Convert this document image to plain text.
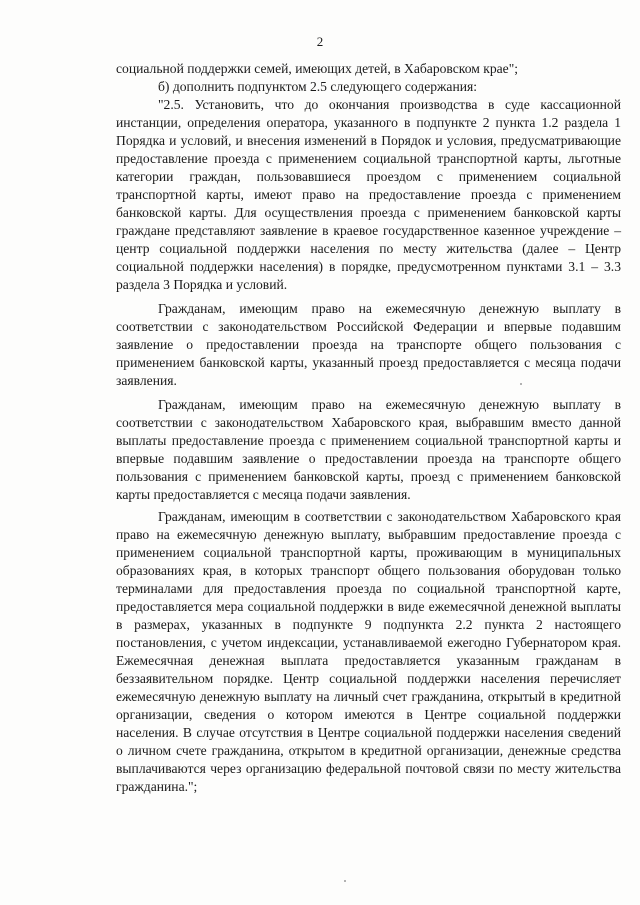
2

социальной поддержки семей, имеющих детей, в Хабаровском крае";

б) дополнить подпунктом 2.5 следующего содержания:

"2.5. Установить, что до окончания производства в суде кассационной инстанции, определения оператора, указанного в подпункте 2 пункта 1.2 раздела 1 Порядка и условий, и внесения изменений в Порядок и условия, предусматривающие предоставление проезда с применением социальной транспортной карты, льготные категории граждан, пользовавшиеся проездом с применением социальной транспортной карты, имеют право на предоставление проезда с применением банковской карты. Для осуществления проезда с применением банковской карты граждане представляют заявление в краевое государственное казенное учреждение – центр социальной поддержки населения по месту жительства (далее – Центр социальной поддержки населения) в порядке, предусмотренном пунктами 3.1 – 3.3 раздела 3 Порядка и условий.

Гражданам, имеющим право на ежемесячную денежную выплату в соответствии с законодательством Российской Федерации и впервые подавшим заявление о предоставлении проезда на транспорте общего пользования с применением банковской карты, указанный проезд предоставляется с месяца подачи заявления.

Гражданам, имеющим право на ежемесячную денежную выплату в соответствии с законодательством Хабаровского края, выбравшим вместо данной выплаты предоставление проезда с применением социальной транспортной карты и впервые подавшим заявление о предоставлении проезда на транспорте общего пользования с применением банковской карты, проезд с применением банковской карты предоставляется с месяца подачи заявления.

Гражданам, имеющим в соответствии с законодательством Хабаровского края право на ежемесячную денежную выплату, выбравшим предоставление проезда с применением социальной транспортной карты, проживающим в муниципальных образованиях края, в которых транспорт общего пользования оборудован только терминалами для предоставления проезда по социальной транспортной карте, предоставляется мера социальной поддержки в виде ежемесячной денежной выплаты в размерах, указанных в подпункте 9 подпункта 2.2 пункта 2 настоящего постановления, с учетом индексации, устанавливаемой ежегодно Губернатором края. Ежемесячная денежная выплата предоставляется указанным гражданам в беззаявительном порядке. Центр социальной поддержки населения перечисляет ежемесячную денежную выплату на личный счет гражданина, открытый в кредитной организации, сведения о котором имеются в Центре социальной поддержки населения. В случае отсутствия в Центре социальной поддержки населения сведений о личном счете гражданина, открытом в кредитной организации, денежные средства выплачиваются через организацию федеральной почтовой связи по месту жительства гражданина.";
